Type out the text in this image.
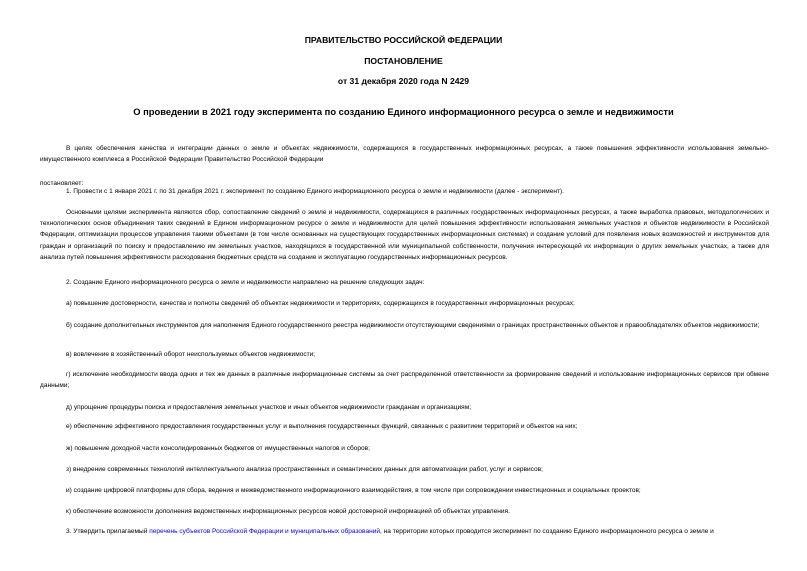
ПРАВИТЕЛЬСТВО РОССИЙСКОЙ ФЕДЕРАЦИИ
ПОСТАНОВЛЕНИЕ
от 31 декабря 2020 года N 2429
О проведении в 2021 году эксперимента по созданию Единого информационного ресурса о земле и недвижимости
В целях обеспечения качества и интеграции данных о земле и объектах недвижимости, содержащихся в государственных информационных ресурсах, а также повышения эффективности использования земельно-имущественного комплекса в Российской Федерации Правительство Российской Федерации
постановляет:
1. Провести с 1 января 2021 г. по 31 декабря 2021 г. эксперимент по созданию Единого информационного ресурса о земле и недвижимости (далее - эксперимент).
Основными целями эксперимента являются сбор, сопоставление сведений о земле и недвижимости, содержащихся в различных государственных информационных ресурсах, а также выработка правовых, методологических и технологических основ объединения таких сведений в Едином информационном ресурсе о земле и недвижимости для целей повышения эффективности использования земельных участков и объектов недвижимости в Российской Федерации, оптимизации процессов управления такими объектами (в том числе основанных на существующих государственных информационных системах) и создание условий для появления новых возможностей и инструментов для граждан и организаций по поиску и предоставлению им земельных участков, находящихся в государственной или муниципальной собственности, получения интересующей их информации о других земельных участках, а также для анализа путей повышения эффективности расходования бюджетных средств на создание и эксплуатацию государственных информационных ресурсов.
2. Создание Единого информационного ресурса о земле и недвижимости направлено на решение следующих задач:
а) повышение достоверности, качества и полноты сведений об объектах недвижимости и территориях, содержащихся в государственных информационных ресурсах;
б) создание дополнительных инструментов для наполнения Единого государственного реестра недвижимости отсутствующими сведениями о границах пространственных объектов и правообладателях объектов недвижимости;
в) вовлечение в хозяйственный оборот неиспользуемых объектов недвижимости;
г) исключение необходимости ввода одних и тех же данных в различные информационные системы за счет распределенной ответственности за формирование сведений и использование информационных сервисов при обмене данными;
д) упрощение процедуры поиска и предоставления земельных участков и иных объектов недвижимости гражданам и организациям;
е) обеспечение эффективного предоставления государственных услуг и выполнения государственных функций, связанных с развитием территорий и объектов на них;
ж) повышение доходной части консолидированных бюджетов от имущественных налогов и сборов;
з) внедрение современных технологий интеллектуального анализа пространственных и семантических данных для автоматизации работ, услуг и сервисов;
и) создание цифровой платформы для сбора, ведения и межведомственного информационного взаимодействия, в том числе при сопровождении инвестиционных и социальных проектов;
к) обеспечение возможности дополнения ведомственных информационных ресурсов новой достоверной информацией об объектах управления.
3. Утвердить прилагаемый перечень субъектов Российской Федерации и муниципальных образований, на территории которых проводится эксперимент по созданию Единого информационного ресурса о земле и
